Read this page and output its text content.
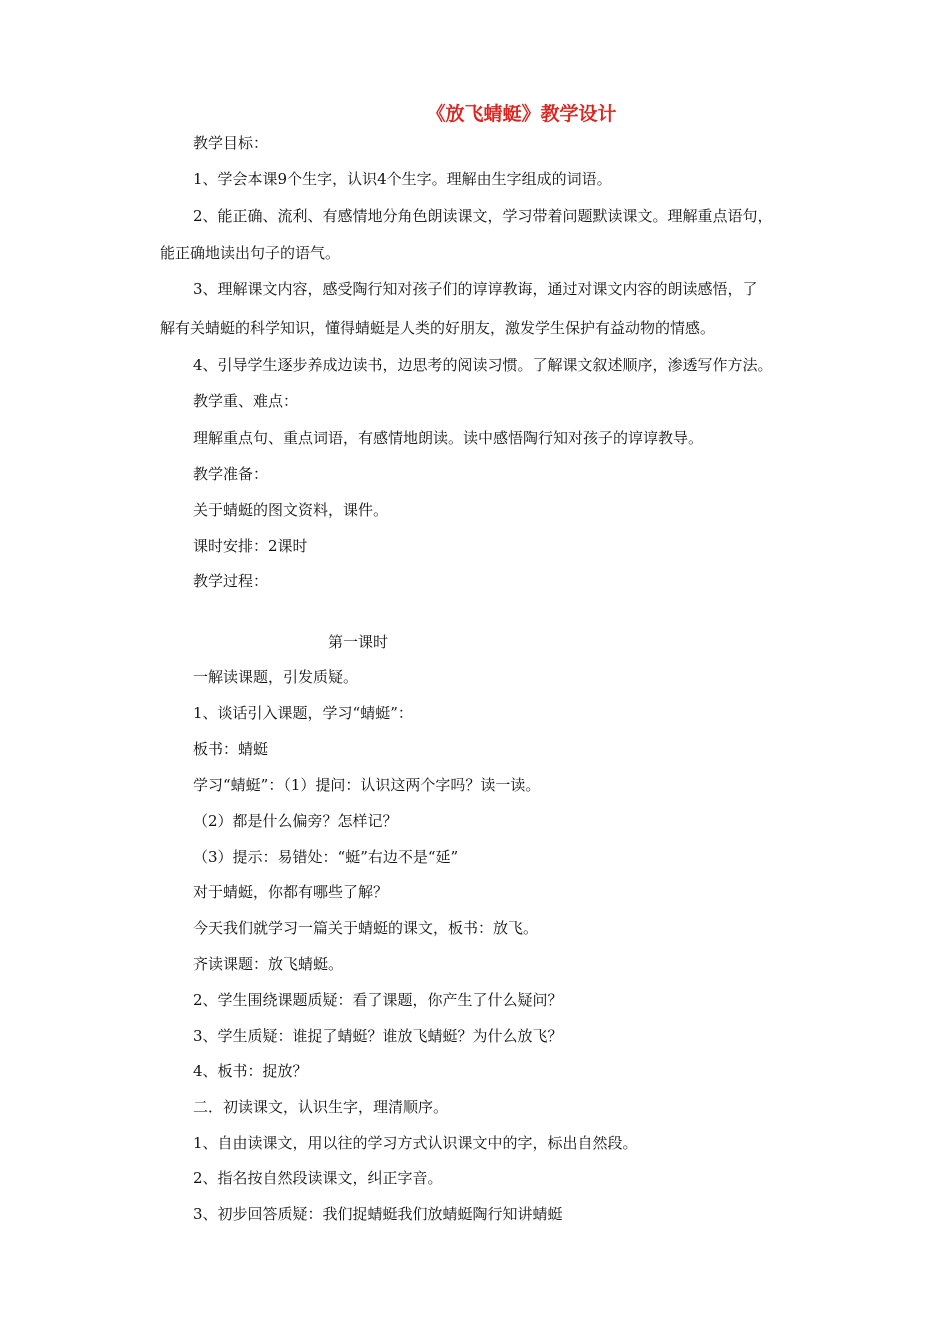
《放飞蜻蜓》教学设计
教学目标：
1、学会本课9个生字，认识4个生字。理解由生字组成的词语。
2、能正确、流利、有感情地分角色朗读课文，学习带着问题默读课文。理解重点语句，
能正确地读出句子的语气。
3、理解课文内容，感受陶行知对孩子们的谆谆教诲，通过对课文内容的朗读感悟，了
解有关蜻蜓的科学知识，懂得蜻蜓是人类的好朋友，激发学生保护有益动物的情感。
4、引导学生逐步养成边读书，边思考的阅读习惯。了解课文叙述顺序，渗透写作方法。
教学重、难点：
理解重点句、重点词语，有感情地朗读。读中感悟陶行知对孩子的谆谆教导。
教学准备：
关于蜻蜓的图文资料，课件。
课时安排：2课时
教学过程：
第一课时
一解读课题，引发质疑。
1、谈话引入课题，学习“蜻蜓”：
板书：蜻蜓
学习“蜻蜓”：（1）提问：认识这两个字吗？读一读。
（2）都是什么偏旁？怎样记？
（3）提示：易错处：“蜓”右边不是“延”
对于蜻蜓，你都有哪些了解？
今天我们就学习一篇关于蜻蜓的课文，板书：放飞。
齐读课题：放飞蜻蜓。
2、学生围绕课题质疑：看了课题，你产生了什么疑问？
3、学生质疑：谁捉了蜻蜓？谁放飞蜻蜓？为什么放飞？
4、板书：捉放？
二．初读课文，认识生字，理清顺序。
1、自由读课文，用以往的学习方式认识课文中的字，标出自然段。
2、指名按自然段读课文，纠正字音。
3、初步回答质疑：我们捉蜻蜓我们放蜻蜓陶行知讲蜻蜓
